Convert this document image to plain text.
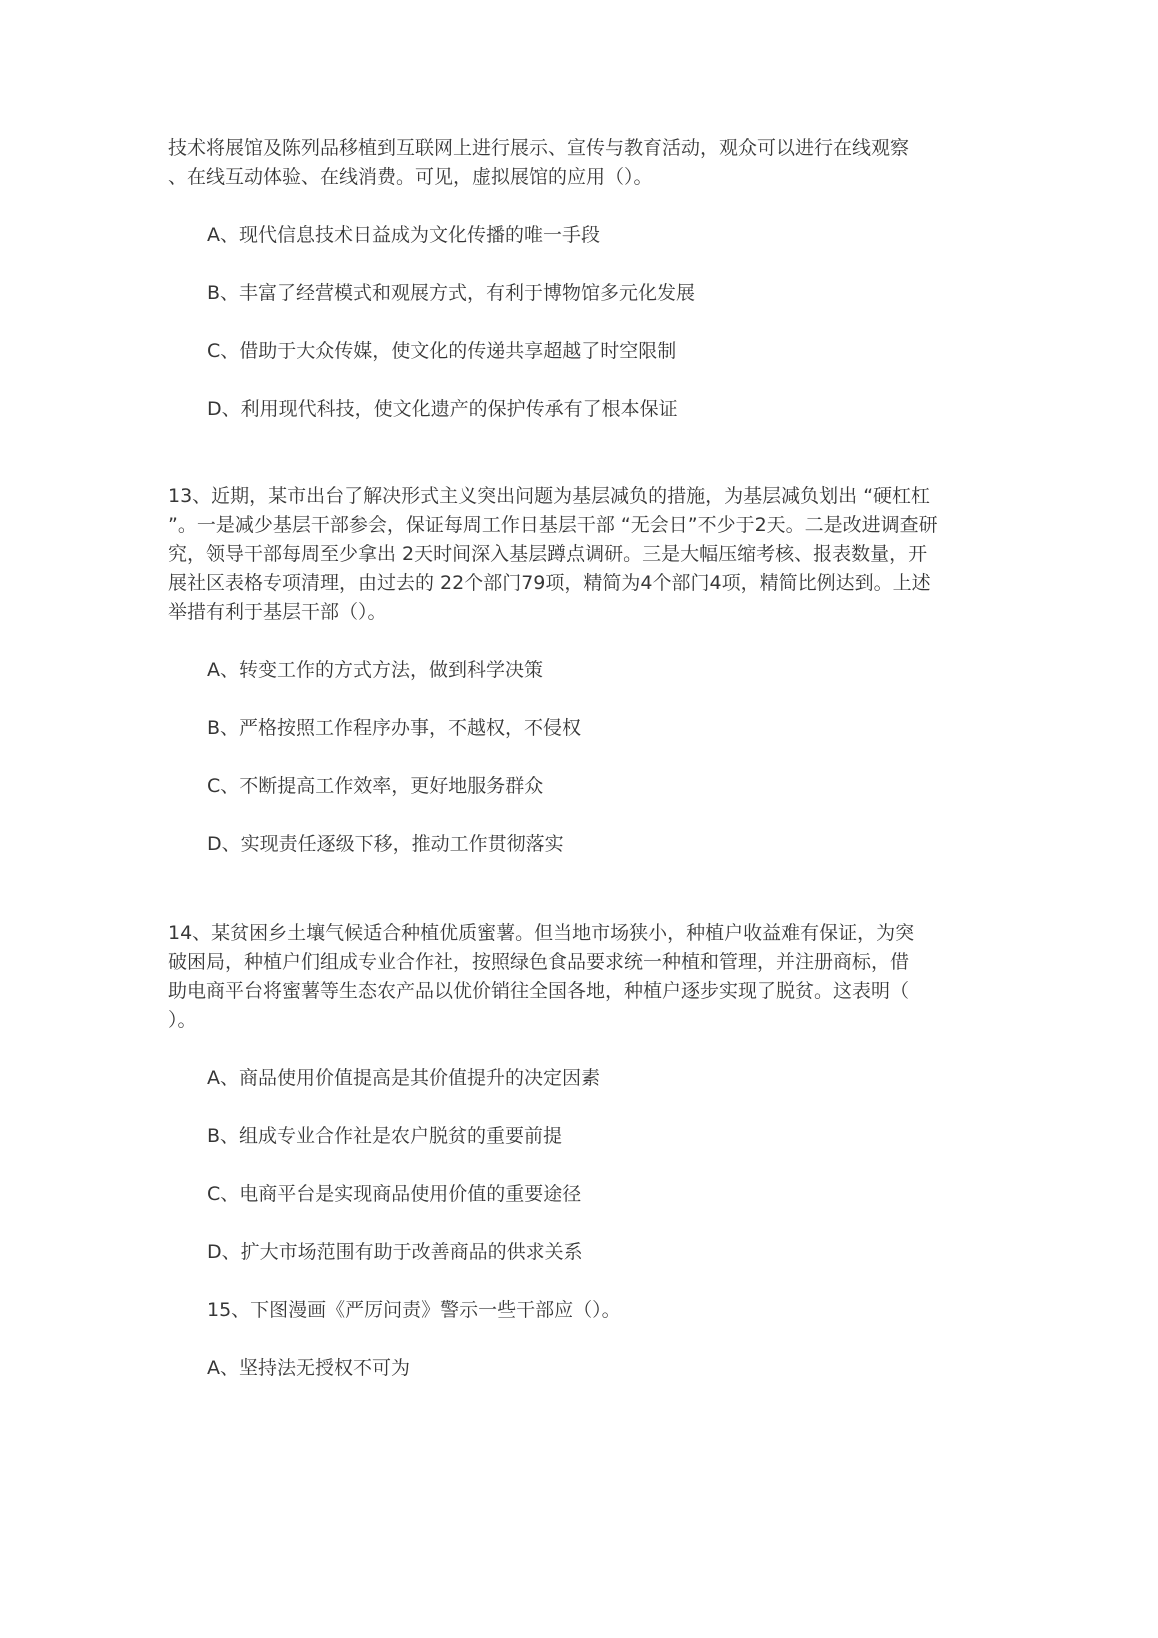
技术将展馆及陈列品移植到互联网上进行展示、宣传与教育活动，观众可以进行在线观察
、在线互动体验、在线消费。可见，虚拟展馆的应用（）。
A、现代信息技术日益成为文化传播的唯一手段
B、丰富了经营模式和观展方式，有利于博物馆多元化发展
C、借助于大众传媒，使文化的传递共享超越了时空限制
D、利用现代科技，使文化遗产的保护传承有了根本保证
13、近期，某市出台了解决形式主义突出问题为基层减负的措施，为基层减负划出 “硬杠杠
”。一是减少基层干部参会，保证每周工作日基层干部 “无会日”不少于2天。二是改进调查研
究，领导干部每周至少拿出 2天时间深入基层蹲点调研。三是大幅压缩考核、报表数量，开
展社区表格专项清理，由过去的 22个部门79项，精简为4个部门4项，精简比例达到。上述
举措有利于基层干部（）。
A、转变工作的方式方法，做到科学决策
B、严格按照工作程序办事，不越权，不侵权
C、不断提高工作效率，更好地服务群众
D、实现责任逐级下移，推动工作贯彻落实
14、某贫困乡土壤气候适合种植优质蜜薯。但当地市场狭小，种植户收益难有保证，为突
破困局，种植户们组成专业合作社，按照绿色食品要求统一种植和管理，并注册商标，借
助电商平台将蜜薯等生态农产品以优价销往全国各地，种植户逐步实现了脱贫。这表明（
）。
A、商品使用价值提高是其价值提升的决定因素
B、组成专业合作社是农户脱贫的重要前提
C、电商平台是实现商品使用价值的重要途径
D、扩大市场范围有助于改善商品的供求关系
15、下图漫画《严厉问责》警示一些干部应（）。
A、坚持法无授权不可为
